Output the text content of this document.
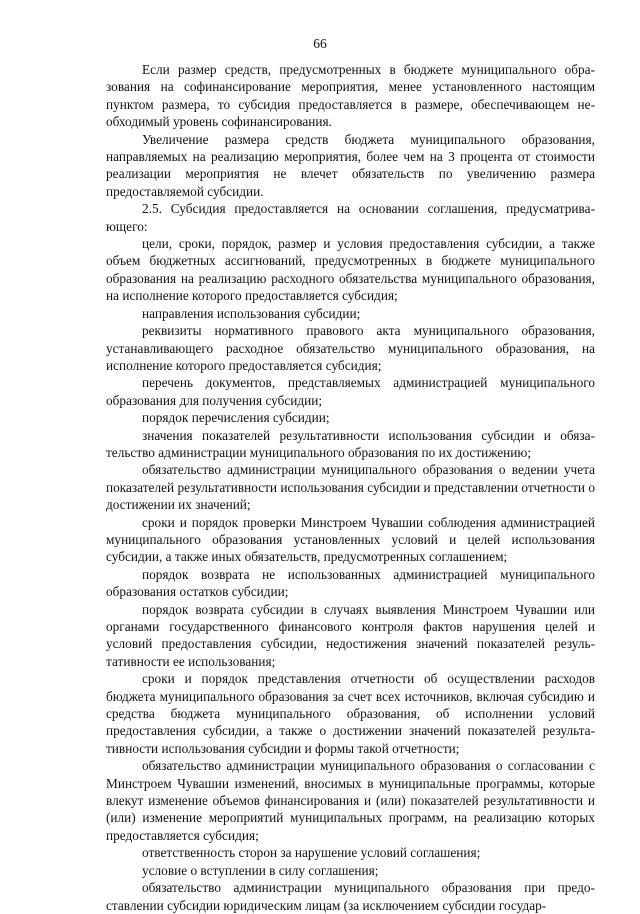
66

Если размер средств, предусмотренных в бюджете муниципального образования на софинансирование мероприятия, менее установленного настоящим пунктом размера, то субсидия предоставляется в размере, обеспечивающем необходимый уровень софинансирования.

Увеличение размера средств бюджета муниципального образования, направляемых на реализацию мероприятия, более чем на 3 процента от стоимости реализации мероприятия не влечет обязательств по увеличению размера предоставляемой субсидии.

2.5. Субсидия предоставляется на основании соглашения, предусматривающего:

цели, сроки, порядок, размер и условия предоставления субсидии, а также объем бюджетных ассигнований, предусмотренных в бюджете муниципального образования на реализацию расходного обязательства муниципального образования, на исполнение которого предоставляется субсидия;

направления использования субсидии;

реквизиты нормативного правового акта муниципального образования, устанавливающего расходное обязательство муниципального образования, на исполнение которого предоставляется субсидия;

перечень документов, представляемых администрацией муниципального образования для получения субсидии;

порядок перечисления субсидии;

значения показателей результативности использования субсидии и обязательство администрации муниципального образования по их достижению;

обязательство администрации муниципального образования о ведении учета показателей результативности использования субсидии и представлении отчетности о достижении их значений;

сроки и порядок проверки Минстроем Чувашии соблюдения администрацией муниципального образования установленных условий и целей использования субсидии, а также иных обязательств, предусмотренных соглашением;

порядок возврата не использованных администрацией муниципального образования остатков субсидии;

порядок возврата субсидии в случаях выявления Минстроем Чувашии или органами государственного финансового контроля фактов нарушения целей и условий предоставления субсидии, недостижения значений показателей результативности ее использования;

сроки и порядок представления отчетности об осуществлении расходов бюджета муниципального образования за счет всех источников, включая субсидию и средства бюджета муниципального образования, об исполнении условий предоставления субсидии, а также о достижении значений показателей результативности использования субсидии и формы такой отчетности;

обязательство администрации муниципального образования о согласовании с Минстроем Чувашии изменений, вносимых в муниципальные программы, которые влекут изменение объемов финансирования и (или) показателей результативности и (или) изменение мероприятий муниципальных программ, на реализацию которых предоставляется субсидия;

ответственность сторон за нарушение условий соглашения;

условие о вступлении в силу соглашения;

обязательство администрации муниципального образования при предоставлении субсидии юридическим лицам (за исключением субсидии государ-
